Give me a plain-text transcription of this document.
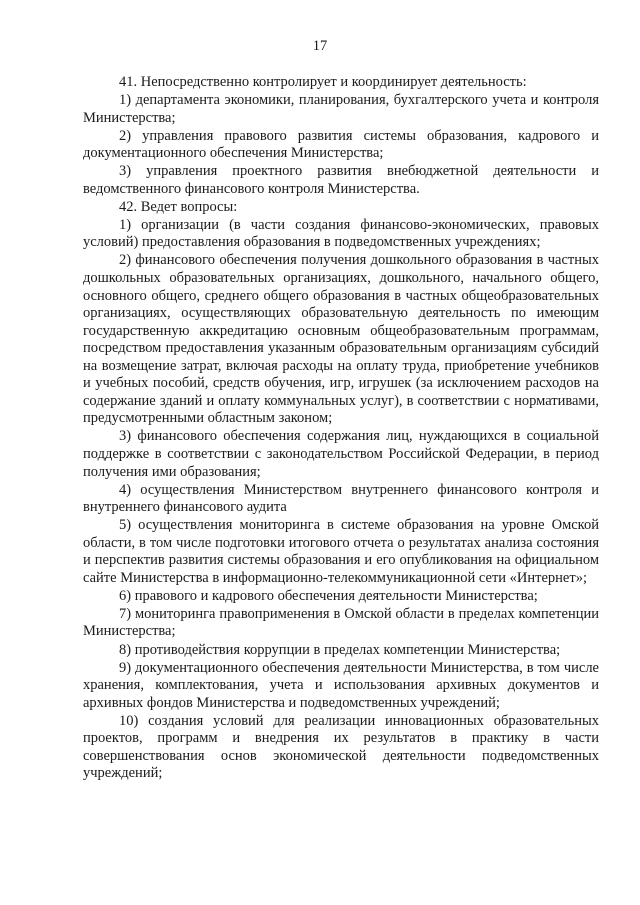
17

41. Непосредственно контролирует и координирует деятельность:

1) департамента экономики, планирования, бухгалтерского учета и контроля Министерства;

2) управления правового развития системы образования, кадрового и документационного обеспечения Министерства;

3) управления проектного развития внебюджетной деятельности и ведомственного финансового контроля Министерства.

42. Ведет вопросы:

1) организации (в части создания финансово-экономических, правовых условий) предоставления образования в подведомственных учреждениях;

2) финансового обеспечения получения дошкольного образования в частных дошкольных образовательных организациях, дошкольного, начального общего, основного общего, среднего общего образования в частных общеобразовательных организациях, осуществляющих образовательную деятельность по имеющим государственную аккредитацию основным общеобразовательным программам, посредством предоставления указанным образовательным организациям субсидий на возмещение затрат, включая расходы на оплату труда, приобретение учебников и учебных пособий, средств обучения, игр, игрушек (за исключением расходов на содержание зданий и оплату коммунальных услуг), в соответствии с нормативами, предусмотренными областным законом;

3) финансового обеспечения содержания лиц, нуждающихся в социальной поддержке в соответствии с законодательством Российской Федерации, в период получения ими образования;

4) осуществления Министерством внутреннего финансового контроля и внутреннего финансового аудита

5) осуществления мониторинга в системе образования на уровне Омской области, в том числе подготовки итогового отчета о результатах анализа состояния и перспектив развития системы образования и его опубликования на официальном сайте Министерства в информационно-телекоммуникационной сети «Интернет»;

6) правового и кадрового обеспечения деятельности Министерства;

7) мониторинга правоприменения в Омской области в пределах компетенции Министерства;

8) противодействия коррупции в пределах компетенции Министерства;

9) документационного обеспечения деятельности Министерства, в том числе хранения, комплектования, учета и использования архивных документов и архивных фондов Министерства и подведомственных учреждений;

10) создания условий для реализации инновационных образовательных проектов, программ и внедрения их результатов в практику в части совершенствования основ экономической деятельности подведомственных учреждений;
